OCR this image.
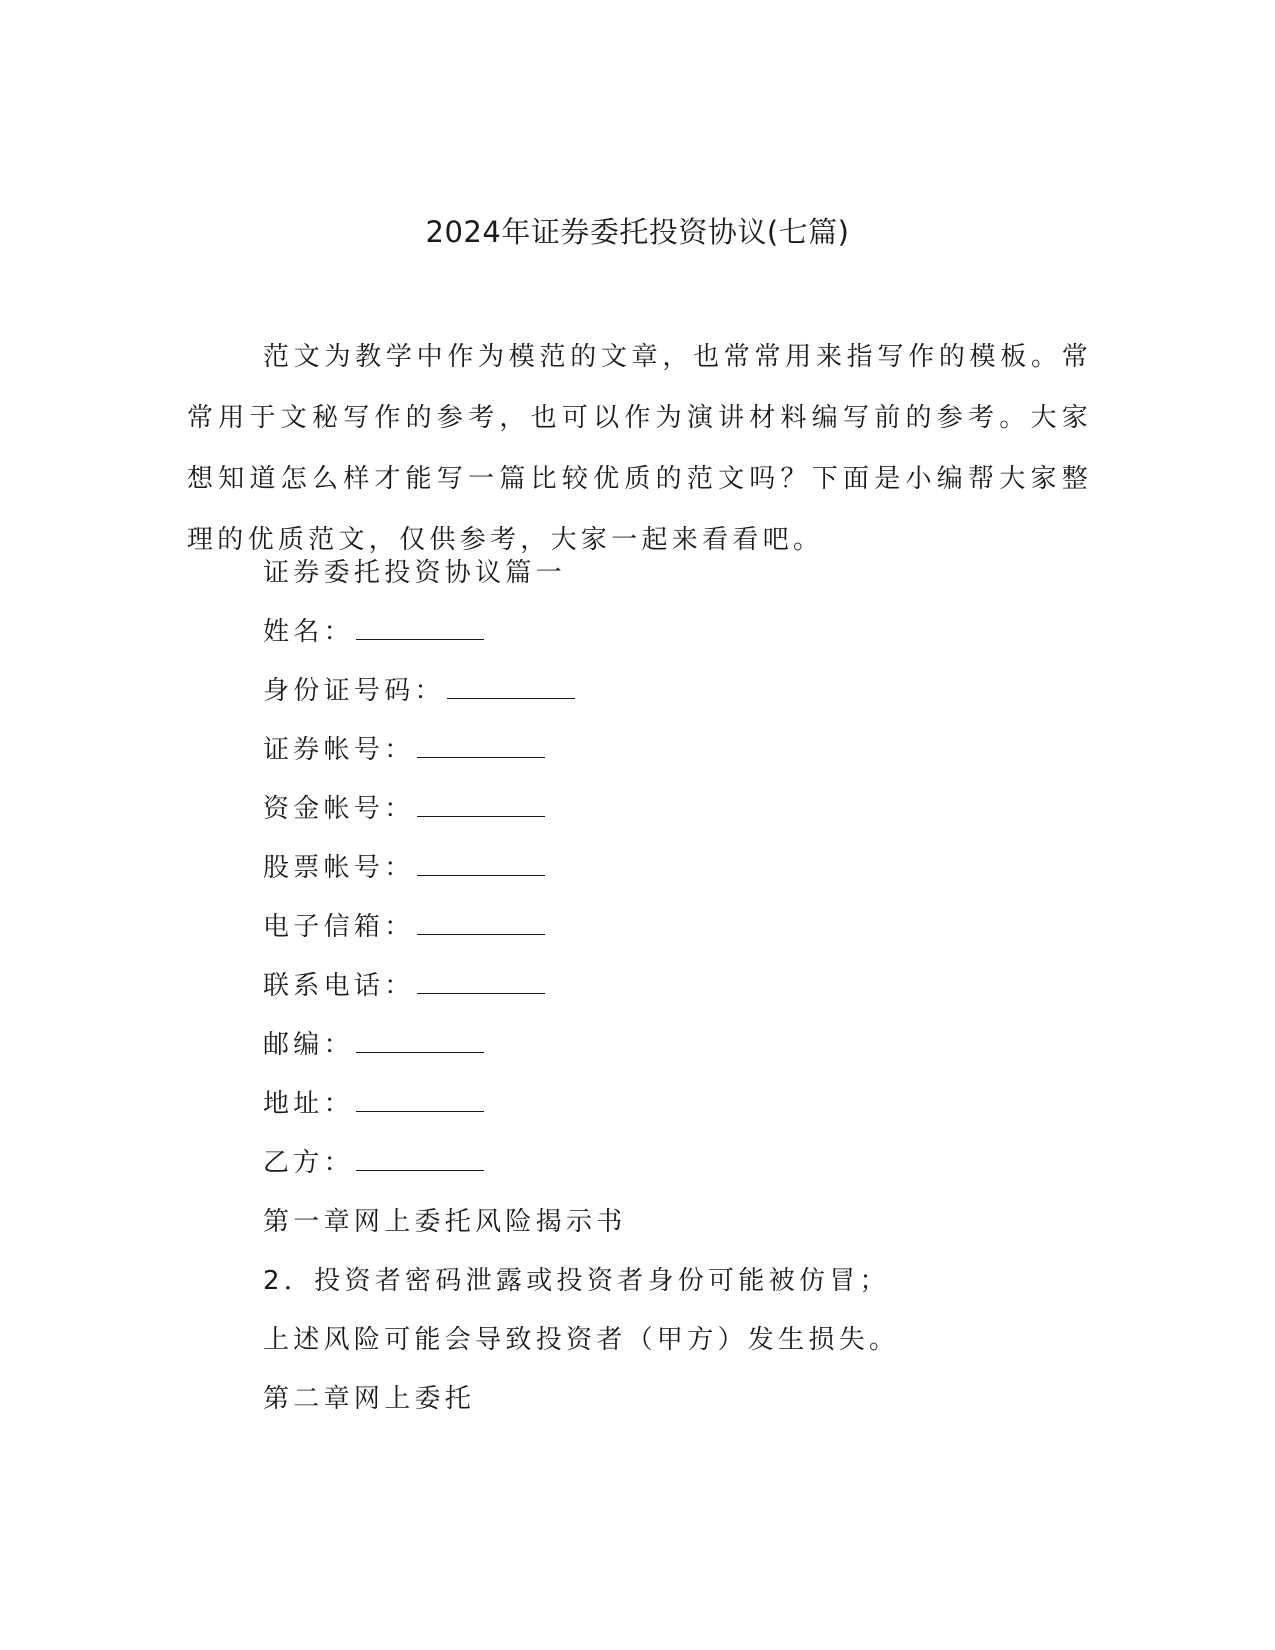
2024年证券委托投资协议(七篇)

范文为教学中作为模范的文章，也常常用来指写作的模板。常常用于文秘写作的参考，也可以作为演讲材料编写前的参考。大家想知道怎么样才能写一篇比较优质的范文吗？下面是小编帮大家整理的优质范文，仅供参考，大家一起来看看吧。

证券委托投资协议篇一

姓名：

身份证号码：

证券帐号：

资金帐号：

股票帐号：

电子信箱：

联系电话：

邮编：

地址：

乙方：

第一章网上委托风险揭示书

2．投资者密码泄露或投资者身份可能被仿冒；

上述风险可能会导致投资者（甲方）发生损失。

第二章网上委托
